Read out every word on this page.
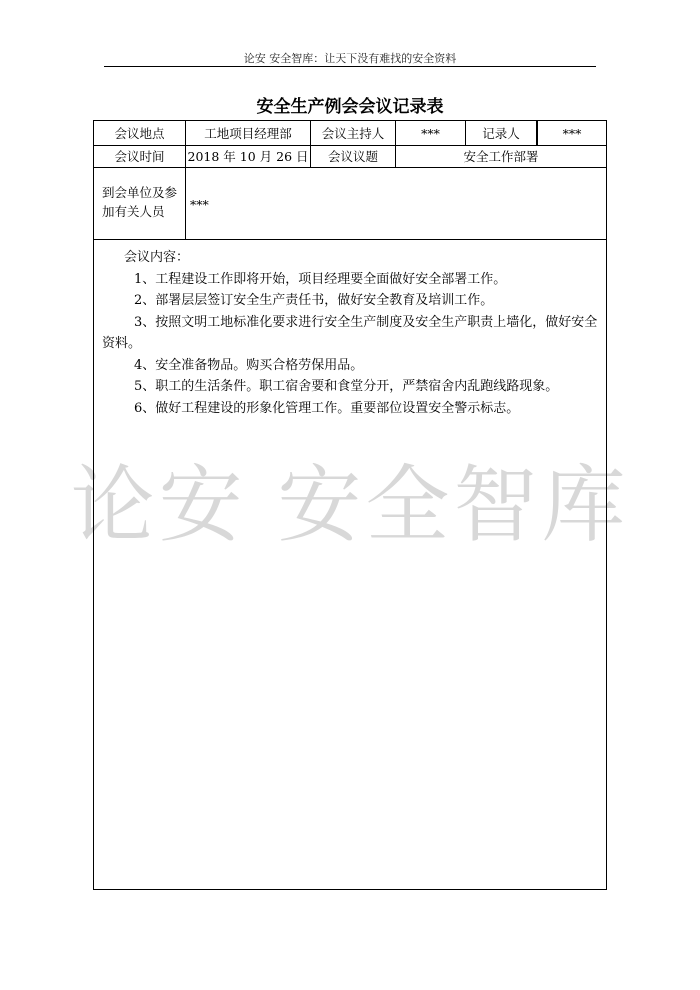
论安 安全智库：让天下没有难找的安全资料
安全生产例会会议记录表
论安 安全智库
会议地点	工地项目经理部	会议主持人	***	记录人	***
会议时间	2018 年 10 月 26 日	会议议题	安全工作部署
到会单位及参加有关人员	***
会议内容：

1、工程建设工作即将开始，项目经理要全面做好安全部署工作。

2、部署层层签订安全生产责任书，做好安全教育及培训工作。

3、按照文明工地标准化要求进行安全生产制度及安全生产职责上墙化，做好安全资料。

4、安全准备物品。购买合格劳保用品。

5、职工的生活条件。职工宿舍要和食堂分开，严禁宿舍内乱跑线路现象。

6、做好工程建设的形象化管理工作。重要部位设置安全警示标志。
